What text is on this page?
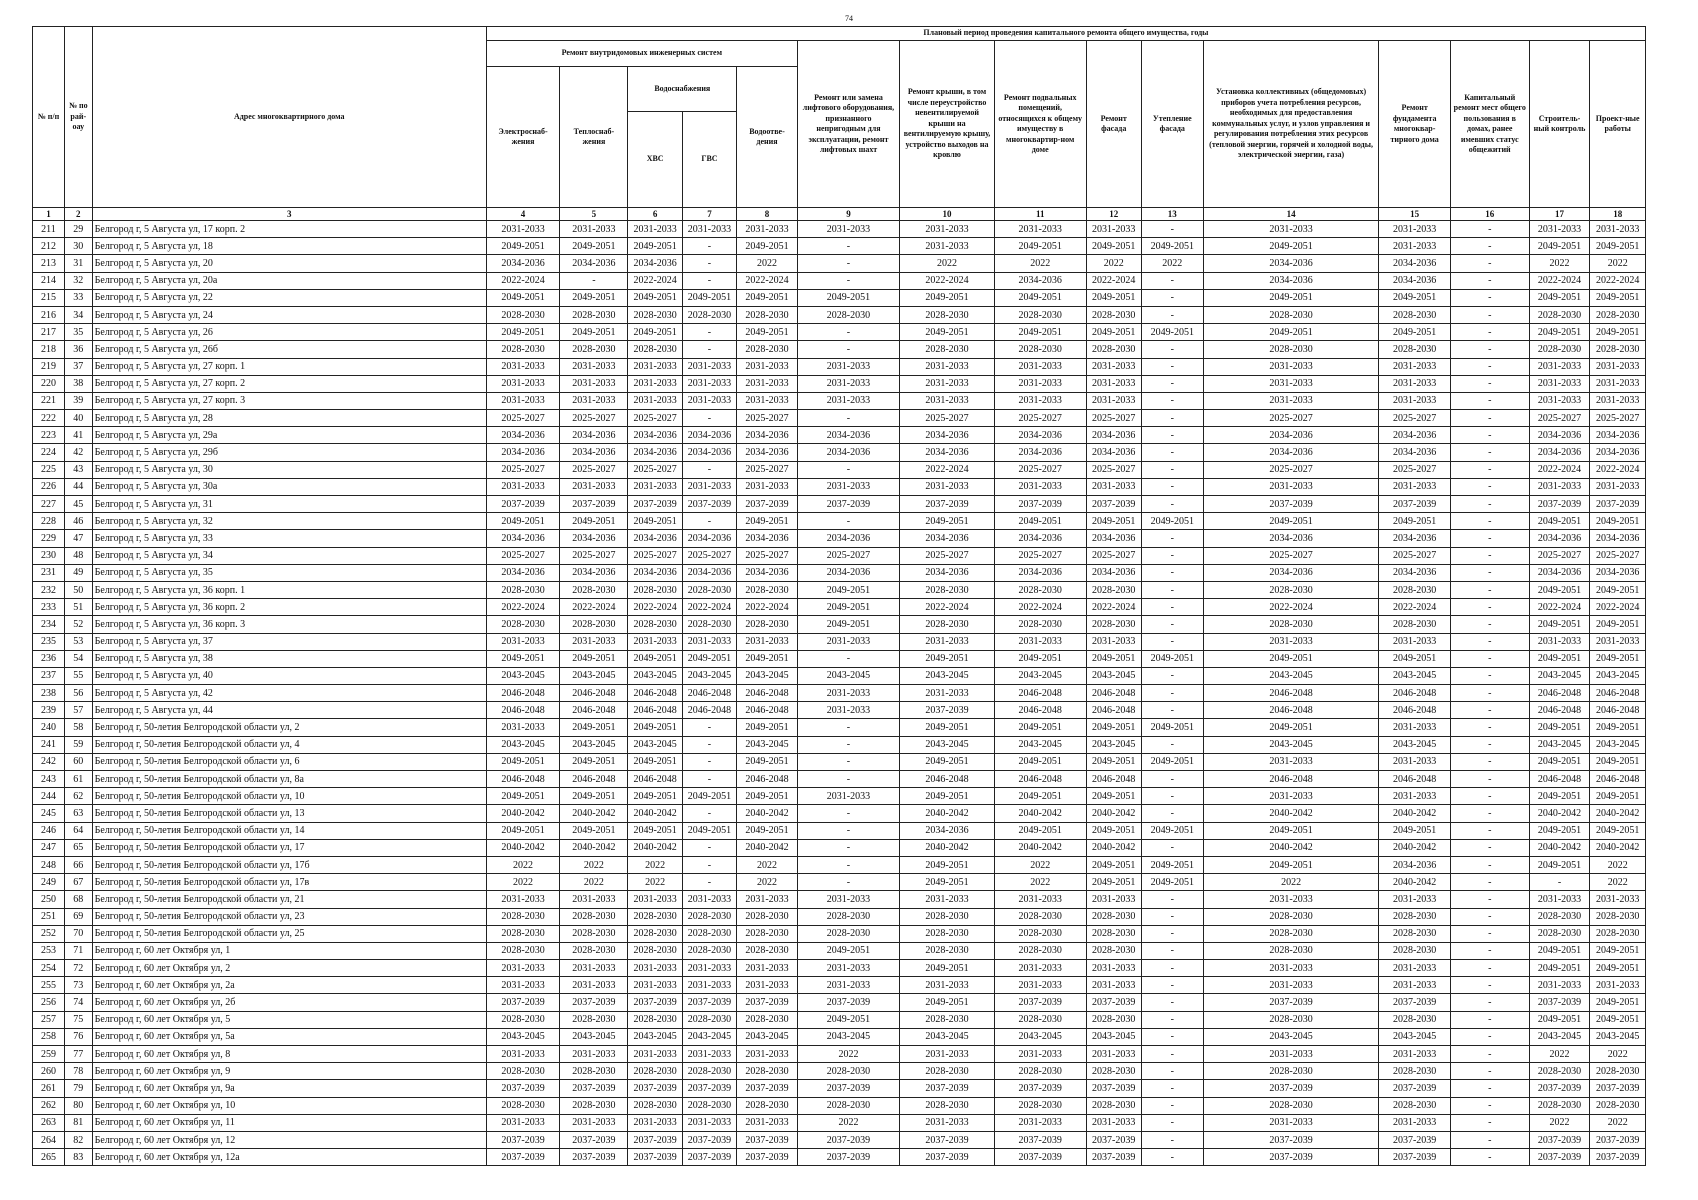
74
№ п/п	№ по рай-оау	Адрес многоквартирного дома	Плановый период проведения капитального ремонта общего имущества, годы														
			Ремонт внутридомовых инженерных систем					Ремонт или замена лифтового оборудования, признанного непригодным для эксплуатации, ремонт лифтовых шахт	Ремонт крыши, в том числе переустройство невентилируемой крыши на вентилируемую крышу, устройство выходов на кровлю	Ремонт подвальных помещений, относящихся к общему имуществу в многоквартир-ном доме	Ремонт фасада	Утепление фасада	Установка коллективных (общедомовых) приборов учета потребления ресурсов, необходимых для предоставления коммунальных услуг, и узлов управления и регулирования потребления этих ресурсов (тепловой энергии, горячей и холодной воды, электрической энергии, газа)	Ремонт фундамента многоквар-тирного дома	Капитальный ремонт мест общего пользования в домах, ранее имевших статус общежитий	Строитель-ный контроль	Проект-ные работы
			Электроснаб-жения	Теплоснаб-жения	Водоснабжения		Водоотве-дения										
					ХВС	ГВС											
1	2	3	4	5	6	7	8	9	10	11	12	13	14	15	16	17	18
211	29	Белгород г, 5 Августа ул, 17 корп. 2	2031-2033	2031-2033	2031-2033	2031-2033	2031-2033	2031-2033	2031-2033	2031-2033	2031-2033	-	2031-2033	2031-2033	-	2031-2033	2031-2033
212	30	Белгород г, 5 Августа ул, 18	2049-2051	2049-2051	2049-2051	-	2049-2051	-	2031-2033	2049-2051	2049-2051	2049-2051	2049-2051	2031-2033	-	2049-2051	2049-2051
213	31	Белгород г, 5 Августа ул, 20	2034-2036	2034-2036	2034-2036	-	2022	-	2022	2022	2022	2022	2034-2036	2034-2036	-	2022	2022
214	32	Белгород г, 5 Августа ул, 20а	2022-2024	-	2022-2024	-	2022-2024	-	2022-2024	2034-2036	2022-2024	-	2034-2036	2034-2036	-	2022-2024	2022-2024
215	33	Белгород г, 5 Августа ул, 22	2049-2051	2049-2051	2049-2051	2049-2051	2049-2051	2049-2051	2049-2051	2049-2051	2049-2051	-	2049-2051	2049-2051	-	2049-2051	2049-2051
216	34	Белгород г, 5 Августа ул, 24	2028-2030	2028-2030	2028-2030	2028-2030	2028-2030	2028-2030	2028-2030	2028-2030	2028-2030	-	2028-2030	2028-2030	-	2028-2030	2028-2030
217	35	Белгород г, 5 Августа ул, 26	2049-2051	2049-2051	2049-2051	-	2049-2051	-	2049-2051	2049-2051	2049-2051	2049-2051	2049-2051	2049-2051	-	2049-2051	2049-2051
218	36	Белгород г, 5 Августа ул, 26б	2028-2030	2028-2030	2028-2030	-	2028-2030	-	2028-2030	2028-2030	2028-2030	-	2028-2030	2028-2030	-	2028-2030	2028-2030
219	37	Белгород г, 5 Августа ул, 27 корп. 1	2031-2033	2031-2033	2031-2033	2031-2033	2031-2033	2031-2033	2031-2033	2031-2033	2031-2033	-	2031-2033	2031-2033	-	2031-2033	2031-2033
220	38	Белгород г, 5 Августа ул, 27 корп. 2	2031-2033	2031-2033	2031-2033	2031-2033	2031-2033	2031-2033	2031-2033	2031-2033	2031-2033	-	2031-2033	2031-2033	-	2031-2033	2031-2033
221	39	Белгород г, 5 Августа ул, 27 корп. 3	2031-2033	2031-2033	2031-2033	2031-2033	2031-2033	2031-2033	2031-2033	2031-2033	2031-2033	-	2031-2033	2031-2033	-	2031-2033	2031-2033
222	40	Белгород г, 5 Августа ул, 28	2025-2027	2025-2027	2025-2027	-	2025-2027	-	2025-2027	2025-2027	2025-2027	-	2025-2027	2025-2027	-	2025-2027	2025-2027
223	41	Белгород г, 5 Августа ул, 29а	2034-2036	2034-2036	2034-2036	2034-2036	2034-2036	2034-2036	2034-2036	2034-2036	2034-2036	-	2034-2036	2034-2036	-	2034-2036	2034-2036
224	42	Белгород г, 5 Августа ул, 29б	2034-2036	2034-2036	2034-2036	2034-2036	2034-2036	2034-2036	2034-2036	2034-2036	2034-2036	-	2034-2036	2034-2036	-	2034-2036	2034-2036
225	43	Белгород г, 5 Августа ул, 30	2025-2027	2025-2027	2025-2027	-	2025-2027	-	2022-2024	2025-2027	2025-2027	-	2025-2027	2025-2027	-	2022-2024	2022-2024
226	44	Белгород г, 5 Августа ул, 30а	2031-2033	2031-2033	2031-2033	2031-2033	2031-2033	2031-2033	2031-2033	2031-2033	2031-2033	-	2031-2033	2031-2033	-	2031-2033	2031-2033
227	45	Белгород г, 5 Августа ул, 31	2037-2039	2037-2039	2037-2039	2037-2039	2037-2039	2037-2039	2037-2039	2037-2039	2037-2039	-	2037-2039	2037-2039	-	2037-2039	2037-2039
228	46	Белгород г, 5 Августа ул, 32	2049-2051	2049-2051	2049-2051	-	2049-2051	-	2049-2051	2049-2051	2049-2051	2049-2051	2049-2051	2049-2051	-	2049-2051	2049-2051
229	47	Белгород г, 5 Августа ул, 33	2034-2036	2034-2036	2034-2036	2034-2036	2034-2036	2034-2036	2034-2036	2034-2036	2034-2036	-	2034-2036	2034-2036	-	2034-2036	2034-2036
230	48	Белгород г, 5 Августа ул, 34	2025-2027	2025-2027	2025-2027	2025-2027	2025-2027	2025-2027	2025-2027	2025-2027	2025-2027	-	2025-2027	2025-2027	-	2025-2027	2025-2027
231	49	Белгород г, 5 Августа ул, 35	2034-2036	2034-2036	2034-2036	2034-2036	2034-2036	2034-2036	2034-2036	2034-2036	2034-2036	-	2034-2036	2034-2036	-	2034-2036	2034-2036
232	50	Белгород г, 5 Августа ул, 36 корп. 1	2028-2030	2028-2030	2028-2030	2028-2030	2028-2030	2049-2051	2028-2030	2028-2030	2028-2030	-	2028-2030	2028-2030	-	2049-2051	2049-2051
233	51	Белгород г, 5 Августа ул, 36 корп. 2	2022-2024	2022-2024	2022-2024	2022-2024	2022-2024	2049-2051	2022-2024	2022-2024	2022-2024	-	2022-2024	2022-2024	-	2022-2024	2022-2024
234	52	Белгород г, 5 Августа ул, 36 корп. 3	2028-2030	2028-2030	2028-2030	2028-2030	2028-2030	2049-2051	2028-2030	2028-2030	2028-2030	-	2028-2030	2028-2030	-	2049-2051	2049-2051
235	53	Белгород г, 5 Августа ул, 37	2031-2033	2031-2033	2031-2033	2031-2033	2031-2033	2031-2033	2031-2033	2031-2033	2031-2033	-	2031-2033	2031-2033	-	2031-2033	2031-2033
236	54	Белгород г, 5 Августа ул, 38	2049-2051	2049-2051	2049-2051	2049-2051	2049-2051	-	2049-2051	2049-2051	2049-2051	2049-2051	2049-2051	2049-2051	-	2049-2051	2049-2051
237	55	Белгород г, 5 Августа ул, 40	2043-2045	2043-2045	2043-2045	2043-2045	2043-2045	2043-2045	2043-2045	2043-2045	2043-2045	-	2043-2045	2043-2045	-	2043-2045	2043-2045
238	56	Белгород г, 5 Августа ул, 42	2046-2048	2046-2048	2046-2048	2046-2048	2046-2048	2031-2033	2031-2033	2046-2048	2046-2048	-	2046-2048	2046-2048	-	2046-2048	2046-2048
239	57	Белгород г, 5 Августа ул, 44	2046-2048	2046-2048	2046-2048	2046-2048	2046-2048	2031-2033	2037-2039	2046-2048	2046-2048	-	2046-2048	2046-2048	-	2046-2048	2046-2048
240	58	Белгород г, 50-летия Белгородской области ул, 2	2031-2033	2049-2051	2049-2051	-	2049-2051	-	2049-2051	2049-2051	2049-2051	2049-2051	2049-2051	2031-2033	-	2049-2051	2049-2051
241	59	Белгород г, 50-летия Белгородской области ул, 4	2043-2045	2043-2045	2043-2045	-	2043-2045	-	2043-2045	2043-2045	2043-2045	-	2043-2045	2043-2045	-	2043-2045	2043-2045
242	60	Белгород г, 50-летия Белгородской области ул, 6	2049-2051	2049-2051	2049-2051	-	2049-2051	-	2049-2051	2049-2051	2049-2051	2049-2051	2031-2033	2031-2033	-	2049-2051	2049-2051
243	61	Белгород г, 50-летия Белгородской области ул, 8а	2046-2048	2046-2048	2046-2048	-	2046-2048	-	2046-2048	2046-2048	2046-2048	-	2046-2048	2046-2048	-	2046-2048	2046-2048
244	62	Белгород г, 50-летия Белгородской области ул, 10	2049-2051	2049-2051	2049-2051	2049-2051	2049-2051	2031-2033	2049-2051	2049-2051	2049-2051	-	2031-2033	2031-2033	-	2049-2051	2049-2051
245	63	Белгород г, 50-летия Белгородской области ул, 13	2040-2042	2040-2042	2040-2042	-	2040-2042	-	2040-2042	2040-2042	2040-2042	-	2040-2042	2040-2042	-	2040-2042	2040-2042
246	64	Белгород г, 50-летия Белгородской области ул, 14	2049-2051	2049-2051	2049-2051	2049-2051	2049-2051	-	2034-2036	2049-2051	2049-2051	2049-2051	2049-2051	2049-2051	-	2049-2051	2049-2051
247	65	Белгород г, 50-летия Белгородской области ул, 17	2040-2042	2040-2042	2040-2042	-	2040-2042	-	2040-2042	2040-2042	2040-2042	-	2040-2042	2040-2042	-	2040-2042	2040-2042
248	66	Белгород г, 50-летия Белгородской области ул, 17б	2022	2022	2022	-	2022	-	2049-2051	2022	2049-2051	2049-2051	2049-2051	2034-2036	-	2049-2051	2022
249	67	Белгород г, 50-летия Белгородской области ул, 17в	2022	2022	2022	-	2022	-	2049-2051	2022	2049-2051	2049-2051	2022	2040-2042	-	-	2022
250	68	Белгород г, 50-летия Белгородской области ул, 21	2031-2033	2031-2033	2031-2033	2031-2033	2031-2033	2031-2033	2031-2033	2031-2033	2031-2033	-	2031-2033	2031-2033	-	2031-2033	2031-2033
251	69	Белгород г, 50-летия Белгородской области ул, 23	2028-2030	2028-2030	2028-2030	2028-2030	2028-2030	2028-2030	2028-2030	2028-2030	2028-2030	-	2028-2030	2028-2030	-	2028-2030	2028-2030
252	70	Белгород г, 50-летия Белгородской области ул, 25	2028-2030	2028-2030	2028-2030	2028-2030	2028-2030	2028-2030	2028-2030	2028-2030	2028-2030	-	2028-2030	2028-2030	-	2028-2030	2028-2030
253	71	Белгород г, 60 лет Октября ул, 1	2028-2030	2028-2030	2028-2030	2028-2030	2028-2030	2049-2051	2028-2030	2028-2030	2028-2030	-	2028-2030	2028-2030	-	2049-2051	2049-2051
254	72	Белгород г, 60 лет Октября ул, 2	2031-2033	2031-2033	2031-2033	2031-2033	2031-2033	2031-2033	2049-2051	2031-2033	2031-2033	-	2031-2033	2031-2033	-	2049-2051	2049-2051
255	73	Белгород г, 60 лет Октября ул, 2а	2031-2033	2031-2033	2031-2033	2031-2033	2031-2033	2031-2033	2031-2033	2031-2033	2031-2033	-	2031-2033	2031-2033	-	2031-2033	2031-2033
256	74	Белгород г, 60 лет Октября ул, 2б	2037-2039	2037-2039	2037-2039	2037-2039	2037-2039	2037-2039	2049-2051	2037-2039	2037-2039	-	2037-2039	2037-2039	-	2037-2039	2049-2051
257	75	Белгород г, 60 лет Октября ул, 5	2028-2030	2028-2030	2028-2030	2028-2030	2028-2030	2049-2051	2028-2030	2028-2030	2028-2030	-	2028-2030	2028-2030	-	2049-2051	2049-2051
258	76	Белгород г, 60 лет Октября ул, 5а	2043-2045	2043-2045	2043-2045	2043-2045	2043-2045	2043-2045	2043-2045	2043-2045	2043-2045	-	2043-2045	2043-2045	-	2043-2045	2043-2045
259	77	Белгород г, 60 лет Октября ул, 8	2031-2033	2031-2033	2031-2033	2031-2033	2031-2033	2022	2031-2033	2031-2033	2031-2033	-	2031-2033	2031-2033	-	2022	2022
260	78	Белгород г, 60 лет Октября ул, 9	2028-2030	2028-2030	2028-2030	2028-2030	2028-2030	2028-2030	2028-2030	2028-2030	2028-2030	-	2028-2030	2028-2030	-	2028-2030	2028-2030
261	79	Белгород г, 60 лет Октября ул, 9а	2037-2039	2037-2039	2037-2039	2037-2039	2037-2039	2037-2039	2037-2039	2037-2039	2037-2039	-	2037-2039	2037-2039	-	2037-2039	2037-2039
262	80	Белгород г, 60 лет Октября ул, 10	2028-2030	2028-2030	2028-2030	2028-2030	2028-2030	2028-2030	2028-2030	2028-2030	2028-2030	-	2028-2030	2028-2030	-	2028-2030	2028-2030
263	81	Белгород г, 60 лет Октября ул, 11	2031-2033	2031-2033	2031-2033	2031-2033	2031-2033	2022	2031-2033	2031-2033	2031-2033	-	2031-2033	2031-2033	-	2022	2022
264	82	Белгород г, 60 лет Октября ул, 12	2037-2039	2037-2039	2037-2039	2037-2039	2037-2039	2037-2039	2037-2039	2037-2039	2037-2039	-	2037-2039	2037-2039	-	2037-2039	2037-2039
265	83	Белгород г, 60 лет Октября ул, 12а	2037-2039	2037-2039	2037-2039	2037-2039	2037-2039	2037-2039	2037-2039	2037-2039	2037-2039	-	2037-2039	2037-2039	-	2037-2039	2037-2039
